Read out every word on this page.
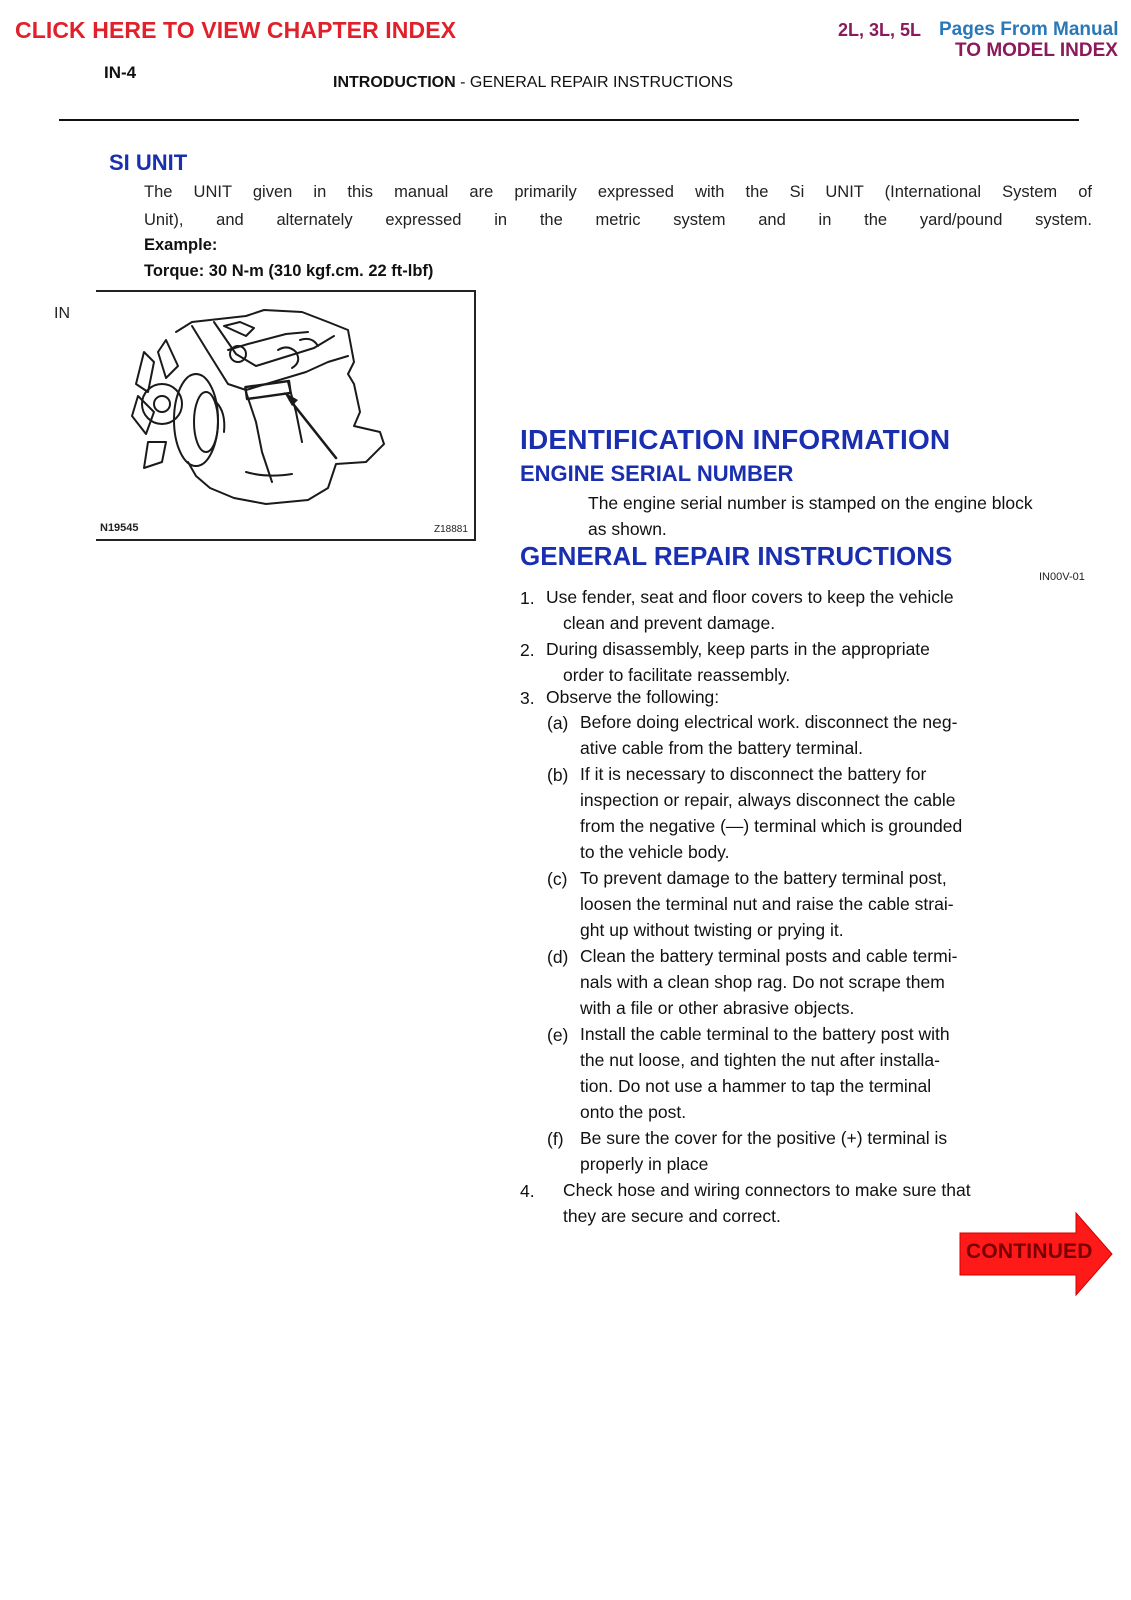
CLICK HERE TO VIEW CHAPTER INDEX	2L, 3L, 5L Pages From Manual
TO MODEL INDEX
IN-4
INTRODUCTION - GENERAL REPAIR INSTRUCTIONS
SI UNIT
The UNIT given in this manual are primarily expressed with the Si UNIT (International System of
Unit), and alternately expressed in the metric system and in the yard/pound system.
Example:
Torque: 30 N-m (310 kgf.cm. 22 ft-lbf)
IN
N19545	Z18881
IDENTIFICATION INFORMATION
ENGINE SERIAL NUMBER
The engine serial number is stamped on the engine block as shown.
GENERAL REPAIR INSTRUCTIONS
IN00V-01
1. Use fender, seat and floor covers to keep the vehicle
clean and prevent damage.
2. During disassembly, keep parts in the appropriate
order to facilitate reassembly.
3. Observe the following:
(a) Before doing electrical work. disconnect the neg-
ative cable from the battery terminal.
(b) If it is necessary to disconnect the battery for
inspection or repair, always disconnect the cable
from the negative (—) terminal which is grounded
to the vehicle body.
(c) To prevent damage to the battery terminal post,
loosen the terminal nut and raise the cable strai-
ght up without twisting or prying it.
(d) Clean the battery terminal posts and cable termi-
nals with a clean shop rag. Do not scrape them
with a file or other abrasive objects.
(e) Install the cable terminal to the battery post with
the nut loose, and tighten the nut after installa-
tion. Do not use a hammer to tap the terminal
onto the post.
(f) Be sure the cover for the positive (+) terminal is
properly in place
4. Check hose and wiring connectors to make sure that
they are secure and correct.
CONTINUED
